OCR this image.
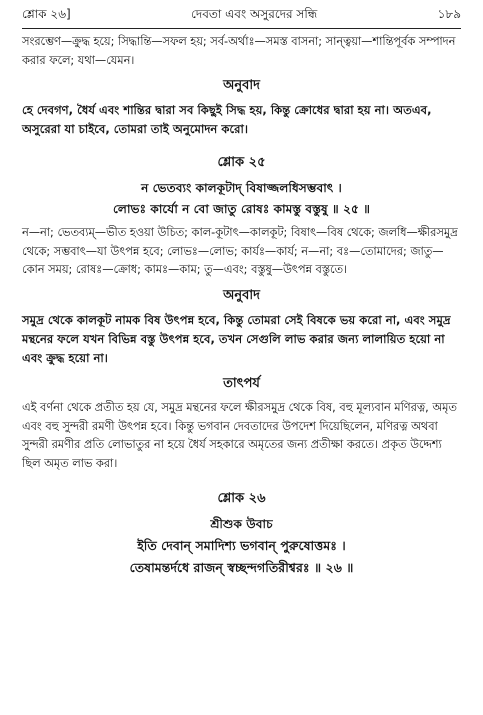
শ্লোক ২৬]	দেবতা এবং অসুরদের সন্ধি	১৮৯

সংরম্ভেণ—ক্রুদ্ধ হয়ে; সিদ্ধান্তি—সফল হয়; সর্ব-অর্থাঃ—সমস্ত বাসনা; সান্ত্বয়া—শান্তিপূর্বক সম্পাদন করার ফলে; যথা—যেমন।

অনুবাদ

হে দেবগণ, ধৈর্য এবং শান্তির দ্বারা সব কিছুই সিদ্ধ হয়, কিন্তু ক্রোধের দ্বারা হয় না। অতএব, অসুরেরা যা চাইবে, তোমরা তাই অনুমোদন করো।

শ্লোক ২৫
ন ভেতব্যং কালকূটাদ্ বিষাজ্জলধিসম্ভবাৎ ।
লোভঃ কার্যো ন বো জাতু রোষঃ কামস্তু বস্তুষু ॥ ২৫ ॥

ন—না; ভেতব্যম্—ভীত হওয়া উচিত; কাল-কূটাৎ—কালকূট; বিষাৎ—বিষ থেকে; জলধি—ক্ষীরসমুদ্র থেকে; সম্ভবাৎ—যা উৎপন্ন হবে; লোভঃ—লোভ; কার্যঃ—কার্য; ন—না; বঃ—তোমাদের; জাতু—কোন সময়; রোষঃ—ক্রোধ; কামঃ—কাম; তু—এবং; বস্তুষু—উৎপন্ন বস্তুতে।

অনুবাদ

সমুদ্র থেকে কালকূট নামক বিষ উৎপন্ন হবে, কিন্তু তোমরা সেই বিষকে ভয় করো না, এবং সমুদ্র মন্থনের ফলে যখন বিভিন্ন বস্তু উৎপন্ন হবে, তখন সেগুলি লাভ করার জন্য লালায়িত হয়ো না এবং ক্রুদ্ধ হয়ো না।

তাৎপর্য

এই বর্ণনা থেকে প্রতীত হয় যে, সমুদ্র মন্থনের ফলে ক্ষীরসমুদ্র থেকে বিষ, বহু মূল্যবান মণিরত্ন, অমৃত এবং বহু সুন্দরী রমণী উৎপন্ন হবে। কিন্তু ভগবান দেবতাদের উপদেশ দিয়েছিলেন, মণিরত্ন অথবা সুন্দরী রমণীর প্রতি লোভাতুর না হয়ে ধৈর্য সহকারে অমৃতের জন্য প্রতীক্ষা করতে। প্রকৃত উদ্দেশ্য ছিল অমৃত লাভ করা।

শ্লোক ২৬
শ্রীশুক উবাচ
ইতি দেবান্ সমাদিশ্য ভগবান্ পুরুষোত্তমঃ ।
তেষামন্তর্দধে রাজন্ স্বচ্ছন্দগতিরীশ্বরঃ ॥ ২৬ ॥
